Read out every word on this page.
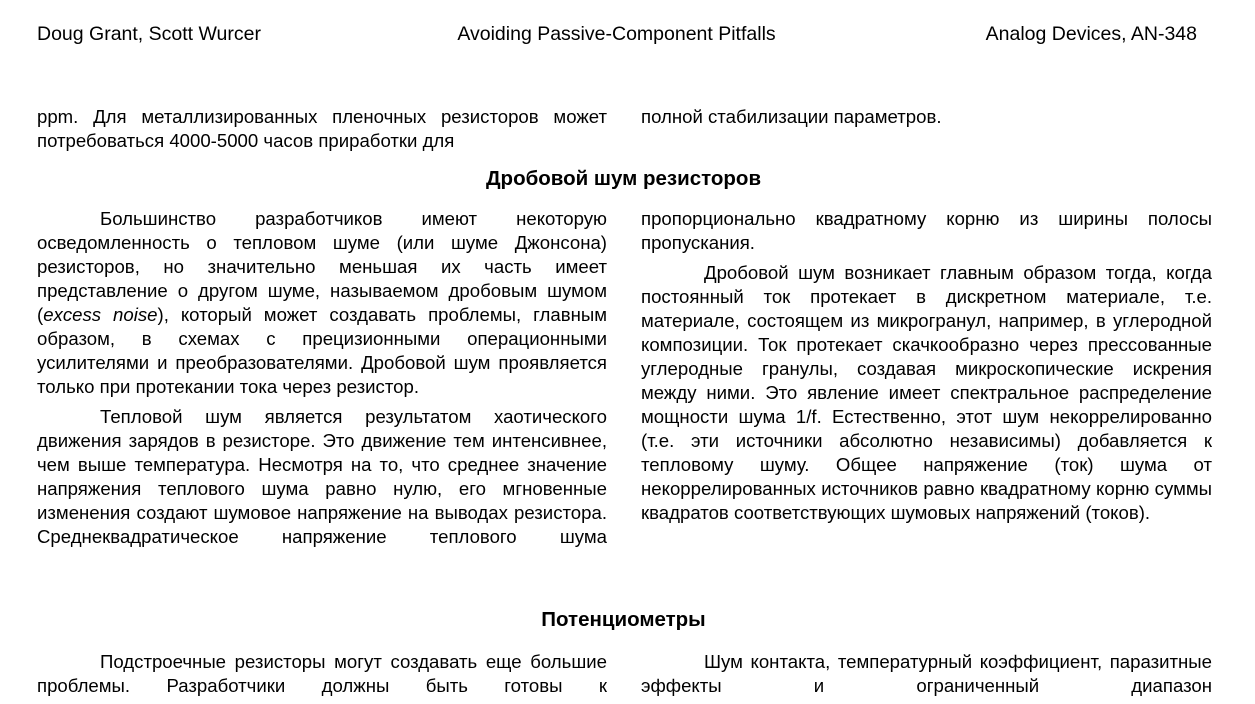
Doug Grant, Scott Wurcer	Avoiding Passive-Component Pitfalls	Analog Devices, AN-348

ppm. Для металлизированных пленочных резисторов может потребоваться 4000-5000 часов приработки для

полной стабилизации параметров.

Дробовой шум резисторов

Большинство разработчиков имеют некоторую осведомленность о тепловом шуме (или шуме Джонсона) резисторов, но значительно меньшая их часть имеет представление о другом шуме, называемом дробовым шумом (excess noise), который может создавать проблемы, главным образом, в схемах с прецизионными операционными усилителями и преобразователями. Дробовой шум проявляется только при протекании тока через резистор.

Тепловой шум является результатом хаотического движения зарядов в резисторе. Это движение тем интенсивнее, чем выше температура. Несмотря на то, что среднее значение напряжения теплового шума равно нулю, его мгновенные изменения создают шумовое напряжение на выводах резистора. Среднеквадратическое напряжение теплового шума

пропорционально квадратному корню из ширины полосы пропускания.

Дробовой шум возникает главным образом тогда, когда постоянный ток протекает в дискретном материале, т.е. материале, состоящем из микрогранул, например, в углеродной композиции. Ток протекает скачкообразно через прессованные углеродные гранулы, создавая микроскопические искрения между ними. Это явление имеет спектральное распределение мощности шума 1/f. Естественно, этот шум некоррелированно (т.е. эти источники абсолютно независимы) добавляется к тепловому шуму. Общее напряжение (ток) шума от некоррелированных источников равно квадратному корню суммы квадратов соответствующих шумовых напряжений (токов).

Потенциометры

Подстроечные резисторы могут создавать еще большие проблемы. Разработчики должны быть готовы к

Шум контакта, температурный коэффициент, паразитные эффекты и ограниченный диапазон
